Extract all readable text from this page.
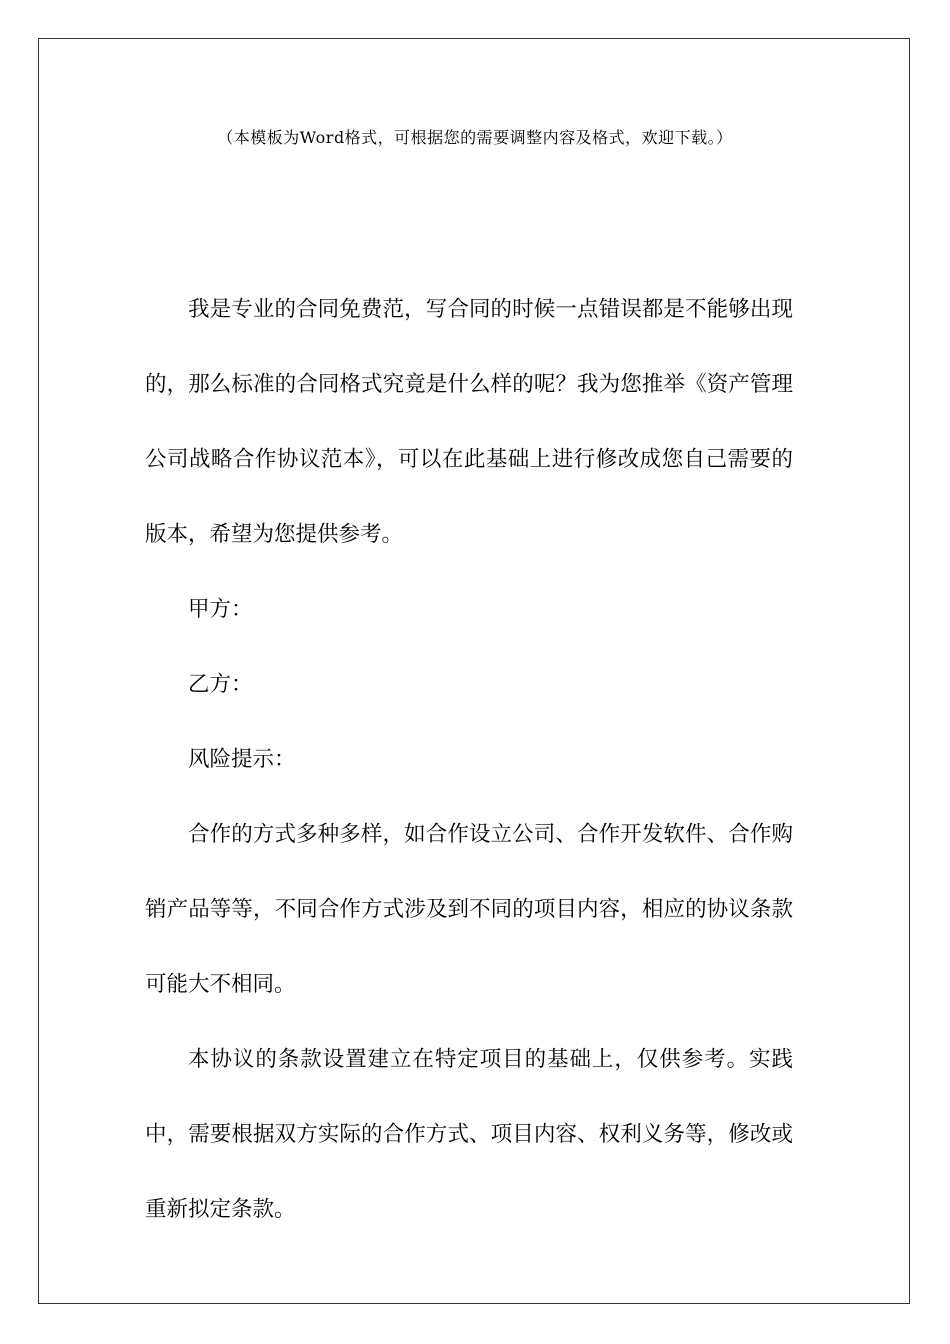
（本模板为Word格式，可根据您的需要调整内容及格式，欢迎下载。）

我是专业的合同免费范，写合同的时候一点错误都是不能够出现的，那么标准的合同格式究竟是什么样的呢？我为您推举《资产管理公司战略合作协议范本》，可以在此基础上进行修改成您自己需要的版本，希望为您提供参考。

甲方：

乙方：

风险提示：

合作的方式多种多样，如合作设立公司、合作开发软件、合作购销产品等等，不同合作方式涉及到不同的项目内容，相应的协议条款可能大不相同。

本协议的条款设置建立在特定项目的基础上，仅供参考。实践中，需要根据双方实际的合作方式、项目内容、权利义务等，修改或重新拟定条款。
